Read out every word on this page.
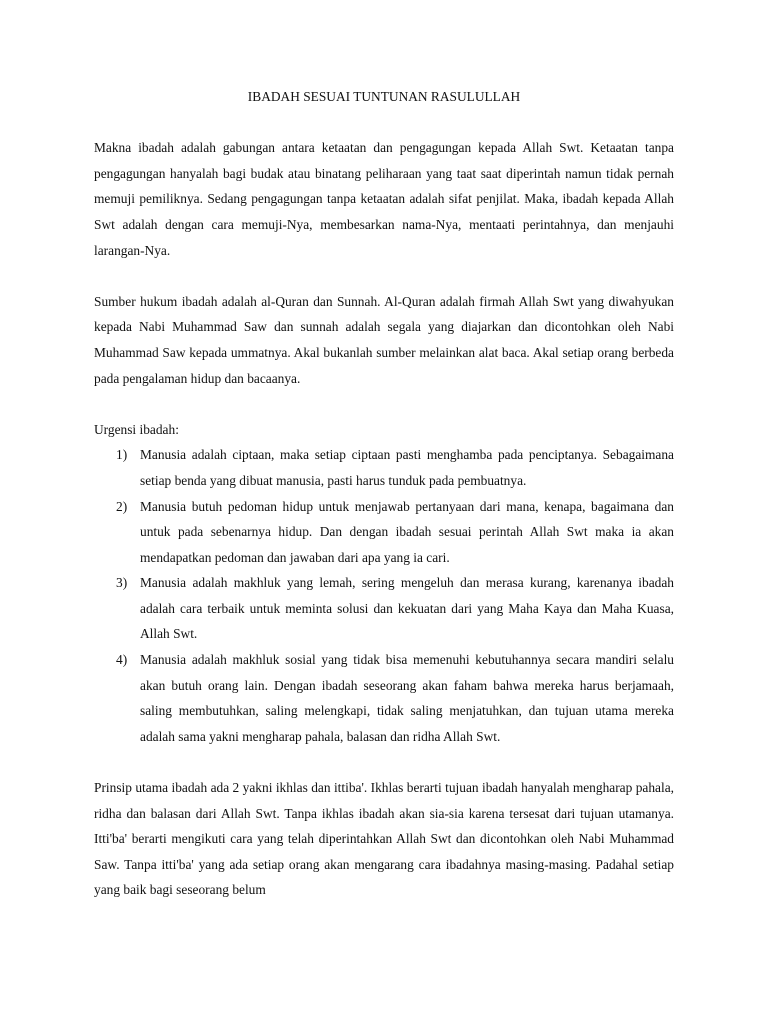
IBADAH SESUAI TUNTUNAN RASULULLAH

Makna ibadah adalah gabungan antara ketaatan dan pengagungan kepada Allah Swt. Ketaatan tanpa pengagungan hanyalah bagi budak atau binatang peliharaan yang taat saat diperintah namun tidak pernah memuji pemiliknya. Sedang pengagungan tanpa ketaatan adalah sifat penjilat. Maka, ibadah kepada Allah Swt adalah dengan cara memuji-Nya, membesarkan nama-Nya, mentaati perintahnya, dan menjauhi larangan-Nya.

Sumber hukum ibadah adalah al-Quran dan Sunnah. Al-Quran adalah firmah Allah Swt yang diwahyukan kepada Nabi Muhammad Saw dan sunnah adalah segala yang diajarkan dan dicontohkan oleh Nabi Muhammad Saw kepada ummatnya. Akal bukanlah sumber melainkan alat baca. Akal setiap orang berbeda pada pengalaman hidup dan bacaanya.

Urgensi ibadah:

1) Manusia adalah ciptaan, maka setiap ciptaan pasti menghamba pada penciptanya. Sebagaimana setiap benda yang dibuat manusia, pasti harus tunduk pada pembuatnya.
2) Manusia butuh pedoman hidup untuk menjawab pertanyaan dari mana, kenapa, bagaimana dan untuk pada sebenarnya hidup. Dan dengan ibadah sesuai perintah Allah Swt maka ia akan mendapatkan pedoman dan jawaban dari apa yang ia cari.
3) Manusia adalah makhluk yang lemah, sering mengeluh dan merasa kurang, karenanya ibadah adalah cara terbaik untuk meminta solusi dan kekuatan dari yang Maha Kaya dan Maha Kuasa, Allah Swt.
4) Manusia adalah makhluk sosial yang tidak bisa memenuhi kebutuhannya secara mandiri selalu akan butuh orang lain. Dengan ibadah seseorang akan faham bahwa mereka harus berjamaah, saling membutuhkan, saling melengkapi, tidak saling menjatuhkan, dan tujuan utama mereka adalah sama yakni mengharap pahala, balasan dan ridha Allah Swt.

Prinsip utama ibadah ada 2 yakni ikhlas dan ittiba'. Ikhlas berarti tujuan ibadah hanyalah mengharap pahala, ridha dan balasan dari Allah Swt. Tanpa ikhlas ibadah akan sia-sia karena tersesat dari tujuan utamanya. Itti'ba' berarti mengikuti cara yang telah diperintahkan Allah Swt dan dicontohkan oleh Nabi Muhammad Saw. Tanpa itti'ba' yang ada setiap orang akan mengarang cara ibadahnya masing-masing. Padahal setiap yang baik bagi seseorang belum
